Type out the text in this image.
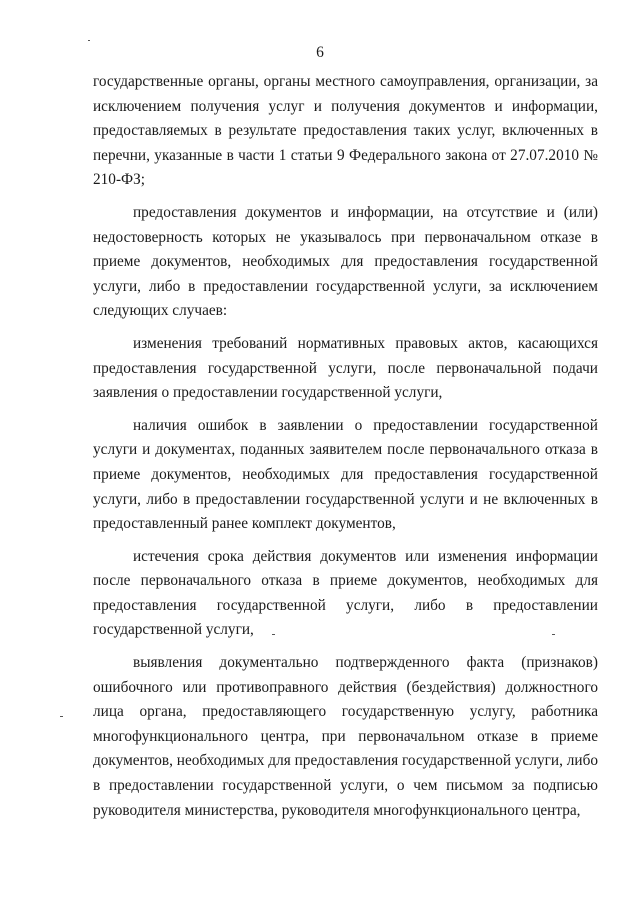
6

государственные органы, органы местного самоуправления, организации, за исключением получения услуг и получения документов и информации, предоставляемых в результате предоставления таких услуг, включенных в перечни, указанные в части 1 статьи 9 Федерального закона от 27.07.2010 № 210-ФЗ;

предоставления документов и информации, на отсутствие и (или) недостоверность которых не указывалось при первоначальном отказе в приеме документов, необходимых для предоставления государственной услуги, либо в предоставлении государственной услуги, за исключением следующих случаев:

изменения требований нормативных правовых актов, касающихся предоставления государственной услуги, после первоначальной подачи заявления о предоставлении государственной услуги,

наличия ошибок в заявлении о предоставлении государственной услуги и документах, поданных заявителем после первоначального отказа в приеме документов, необходимых для предоставления государственной услуги, либо в предоставлении государственной услуги и не включенных в предоставленный ранее комплект документов,

истечения срока действия документов или изменения информации после первоначального отказа в приеме документов, необходимых для предоставления государственной услуги, либо в предоставлении государственной услуги,

выявления документально подтвержденного факта (признаков) ошибочного или противоправного действия (бездействия) должностного лица органа, предоставляющего государственную услугу, работника многофункционального центра, при первоначальном отказе в приеме документов, необходимых для предоставления государственной услуги, либо в предоставлении государственной услуги, о чем письмом за подписью руководителя министерства, руководителя многофункционального центра,
